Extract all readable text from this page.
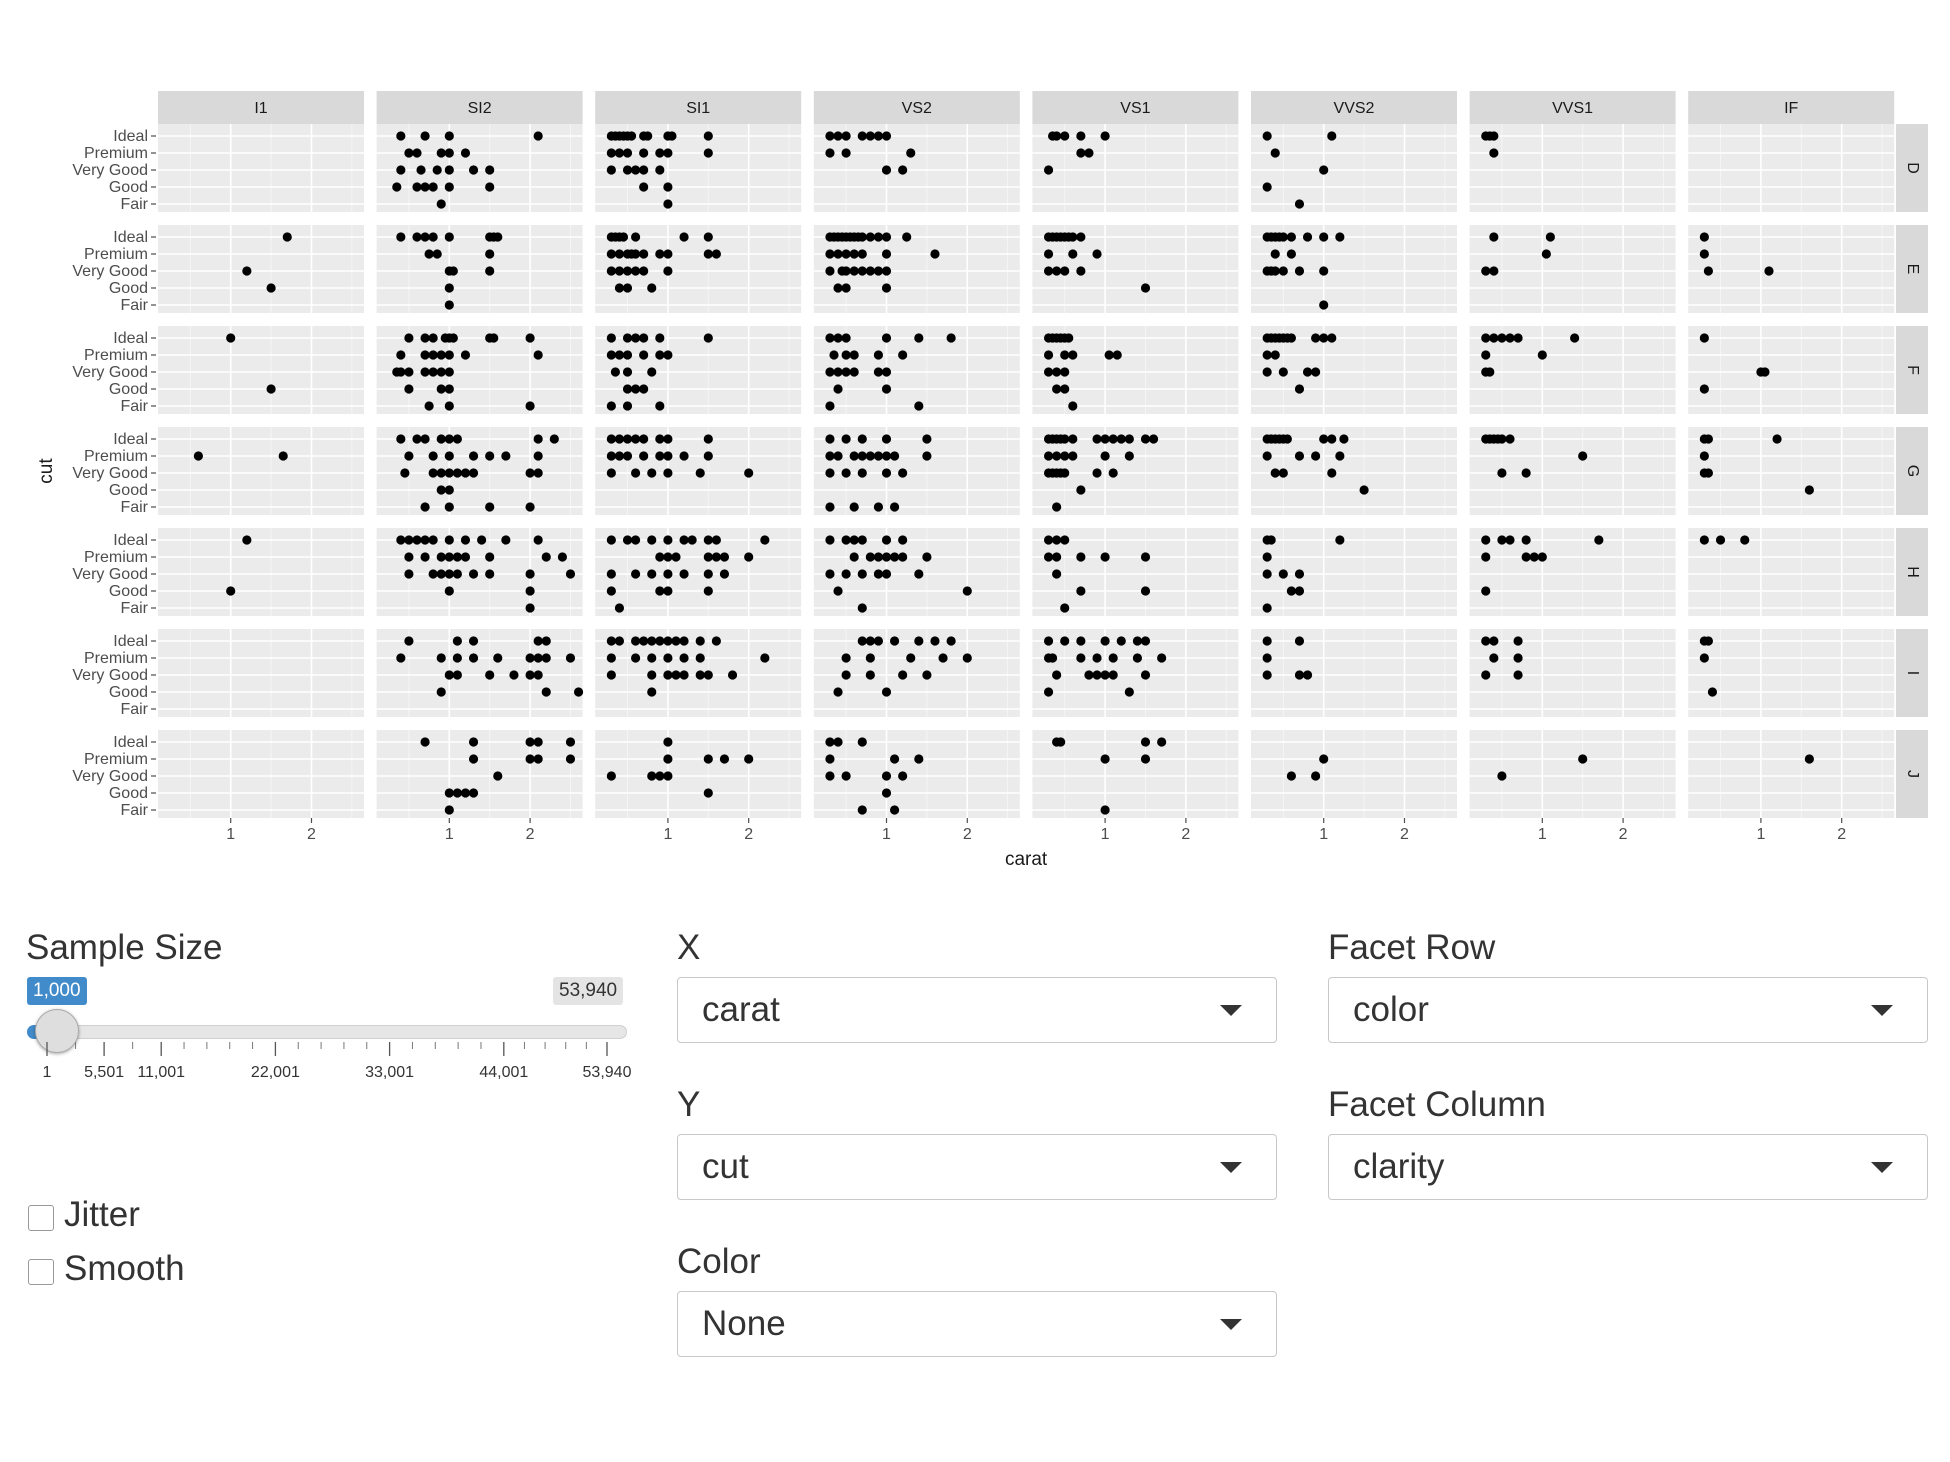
I1	SI2	SI1	VS2	VS1	VVS2	VVS1	IF
D
Fair
Good
Very Good
Premium
Ideal
E
Fair
Good
Very Good
Premium
Ideal
F
Fair
Good
Very Good
Premium
Ideal
G
Fair
Good
Very Good
Premium
Ideal
H
Fair
Good
Very Good
Premium
Ideal
I
Fair
Good
Very Good
Premium
Ideal
J
Fair
Good
Very Good
Premium
Ideal
1	2	1	2	1	2	1	2	1	2	1	2	1	2	1	2
carat
cut
Sample Size
1,000	53,940
1 5,501 11,001	22,001	33,001	44,001	53,940
Jitter
Smooth
X
carat
Y
cut
Color
None
Facet Row
color
Facet Column
clarity
